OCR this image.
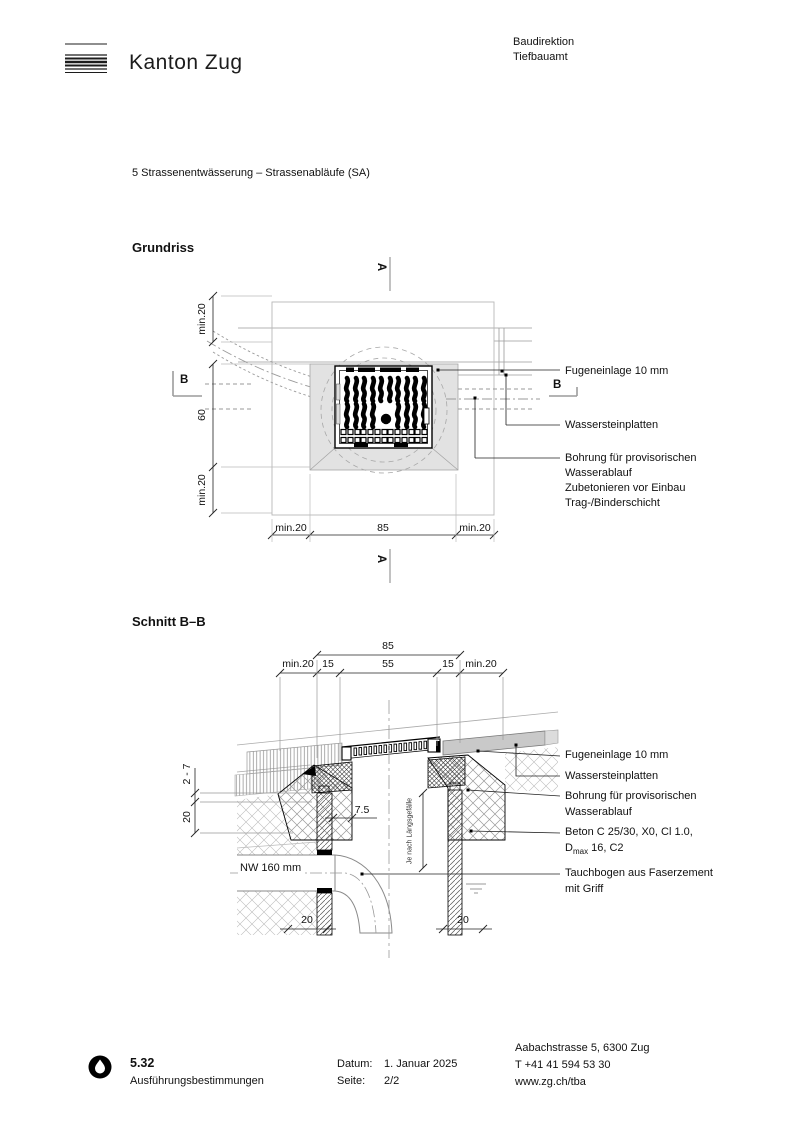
Kanton Zug
Baudirektion
Tiefbauamt
5 Strassenentwässerung – Strassenabläufe (SA)
Grundriss
A
A
B	B
min.20
60
min.20
min.20	85	min.20
Fugeneinlage 10 mm
Wassersteinplatten
Bohrung für provisorischen
Wasserablauf
Zubetonieren vor Einbau
Trag-/Binderschicht
Schnitt B–B
85
min.20 15	55	15 min.20
2 - 7
20
7.5	Je nach Längsgefälle
NW 160 mm
20	20
Fugeneinlage 10 mm
Wassersteinplatten
Bohrung für provisorischen
Wasserablauf
Beton C 25/30, X0, Cl 1.0,
$D_{max}$ 16, C2
Tauchbogen aus Faserzement
mit Griff
5.32
Ausführungsbestimmungen
Datum: 1. Januar 2025
Seite: 2/2
Aabachstrasse 5, 6300 Zug
T +41 41 594 53 30
www.zg.ch/tba
